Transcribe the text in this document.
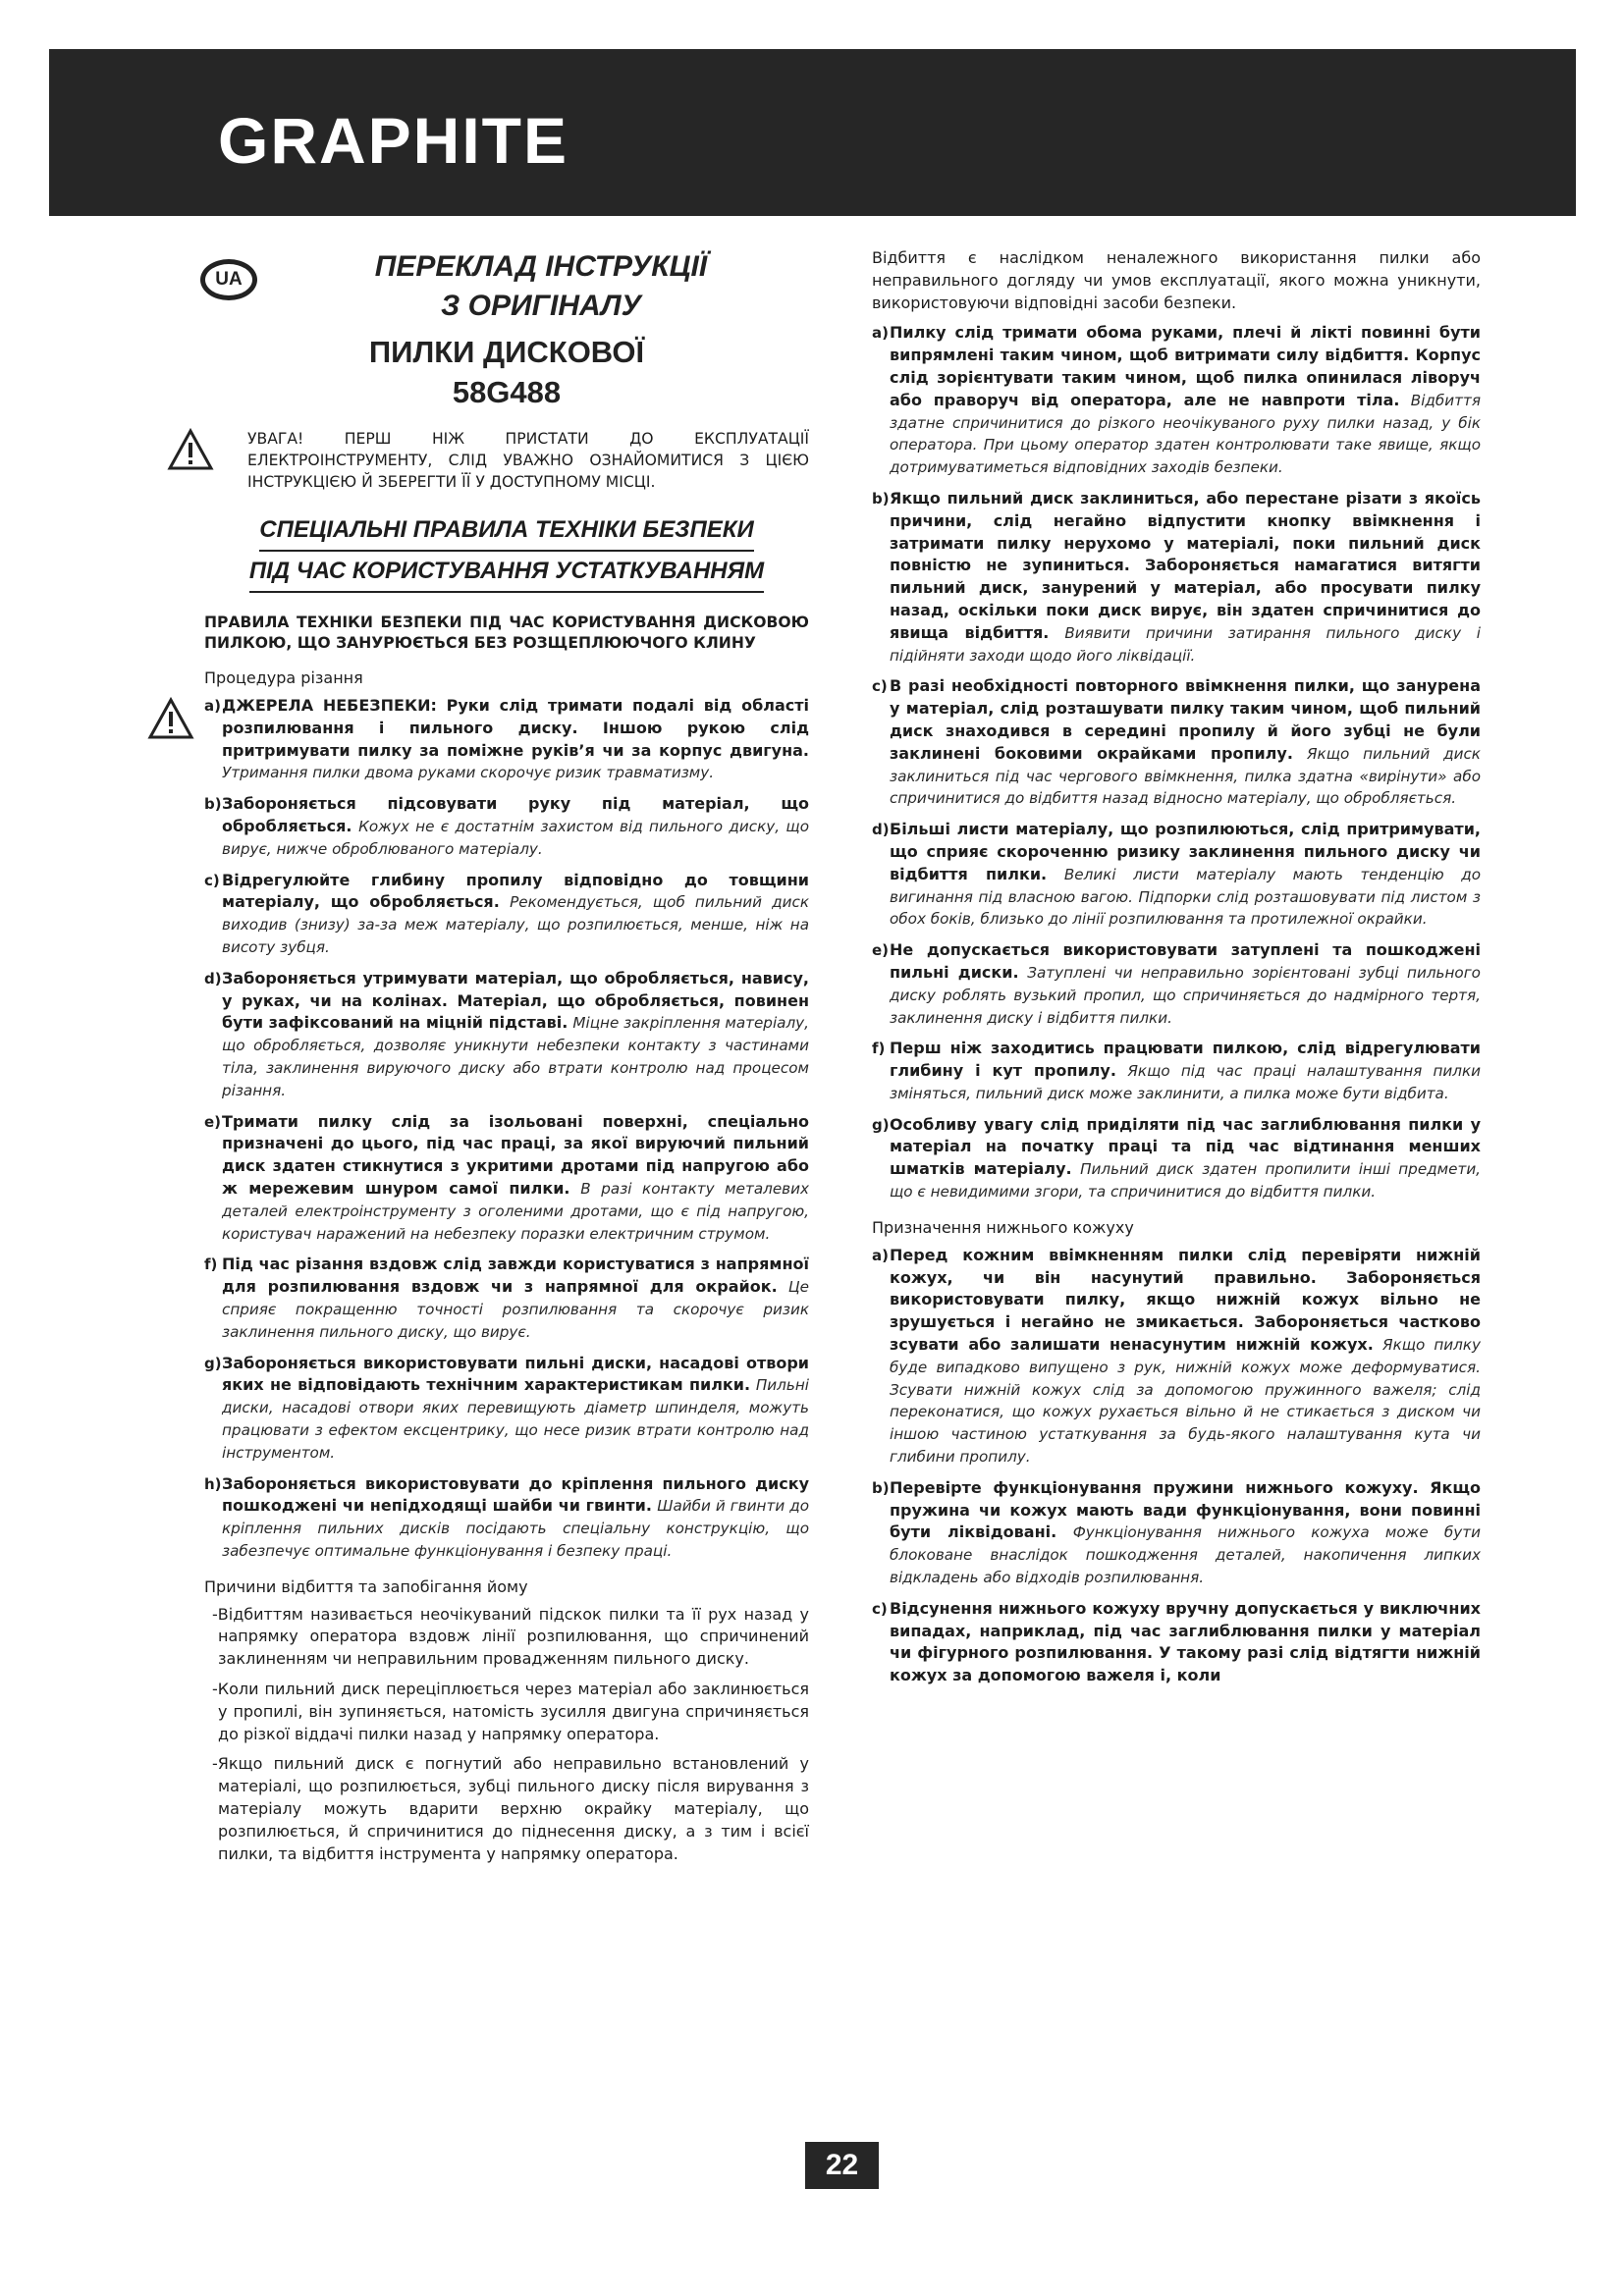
GRAPHITE
UA	ПЕРЕКЛАД ІНСТРУКЦІЇ
З ОРИГІНАЛУ
ПИЛКИ ДИСКОВОЇ
58G488
УВАГА! ПЕРШ НІЖ ПРИСТАТИ ДО ЕКСПЛУАТАЦІЇ ЕЛЕКТРОІНСТРУМЕНТУ, СЛІД УВАЖНО ОЗНАЙОМИТИСЯ З ЦІЄЮ ІНСТРУКЦІЄЮ Й ЗБЕРЕГТИ ЇЇ У ДОСТУПНОМУ МІСЦІ.
СПЕЦІАЛЬНІ ПРАВИЛА ТЕХНІКИ БЕЗПЕКИ
ПІД ЧАС КОРИСТУВАННЯ УСТАТКУВАННЯМ
ПРАВИЛА ТЕХНІКИ БЕЗПЕКИ ПІД ЧАС КОРИСТУВАННЯ ДИСКОВОЮ ПИЛКОЮ, ЩО ЗАНУРЮЄТЬСЯ БЕЗ РОЗЩЕПЛЮЮЧОГО КЛИНУ
Процедура різання
a) ДЖЕРЕЛА НЕБЕЗПЕКИ: Руки слід тримати подалі від області розпилювання і пильного диску. Іншою рукою слід притримувати пилку за поміжне руків’я чи за корпус двигуна. Утримання пилки двома руками скорочує ризик травматизму.
b) Забороняється підсовувати руку під матеріал, що обробляється. Кожух не є достатнім захистом від пильного диску, що вирує, нижче оброблюваного матеріалу.
c) Відрегулюйте глибину пропилу відповідно до товщини матеріалу, що обробляється. Рекомендується, щоб пильний диск виходив (знизу) за-за меж матеріалу, що розпилюється, менше, ніж на висоту зубця.
d) Забороняється утримувати матеріал, що обробляється, навису, у руках, чи на колінах. Матеріал, що обробляється, повинен бути зафіксований на міцній підставі. Міцне закріплення матеріалу, що обробляється, дозволяє уникнути небезпеки контакту з частинами тіла, заклинення вируючого диску або втрати контролю над процесом різання.
e) Тримати пилку слід за ізольовані поверхні, спеціально призначені до цього, під час праці, за якої вируючий пильний диск здатен стикнутися з укритими дротами під напругою або ж мережевим шнуром самої пилки. В разі контакту металевих деталей електроінструменту з оголеними дротами, що є під напругою, користувач наражений на небезпеку поразки електричним струмом.
f) Під час різання вздовж слід завжди користуватися з напрямної для розпилювання вздовж чи з напрямної для окрайок. Це сприяє покращенню точності розпилювання та скорочує ризик заклинення пильного диску, що вирує.
g) Забороняється використовувати пильні диски, насадові отвори яких не відповідають технічним характеристикам пилки. Пильні диски, насадові отвори яких перевищують діаметр шпинделя, можуть працювати з ефектом ексцентрику, що несе ризик втрати контролю над інструментом.
h) Забороняється використовувати до кріплення пильного диску пошкоджені чи непідходящі шайби чи гвинти. Шайби й гвинти до кріплення пильних дисків посідають спеціальну конструкцію, що забезпечує оптимальне функціонування і безпеку праці.
Причини відбиття та запобігання йому
-Відбиттям називається неочікуваний підскок пилки та її рух назад у напрямку оператора вздовж лінії розпилювання, що спричинений заклиненням чи неправильним провадженням пильного диску.
-Коли пильний диск переціплюється через матеріал або заклинюється у пропилі, він зупиняється, натомість зусилля двигуна спричиняється до різкої віддачі пилки назад у напрямку оператора.
-Якщо пильний диск є погнутий або неправильно встановлений у матеріалі, що розпилюється, зубці пильного диску після вирування з матеріалу можуть вдарити верхню окрайку матеріалу, що розпилюється, й спричинитися до піднесення диску, а з тим і всієї пилки, та відбиття інструмента у напрямку оператора.
Відбиття є наслідком неналежного використання пилки або неправильного догляду чи умов експлуатації, якого можна уникнути, використовуючи відповідні засоби безпеки.
a) Пилку слід тримати обома руками, плечі й лікті повинні бути випрямлені таким чином, щоб витримати силу відбиття. Корпус слід зорієнтувати таким чином, щоб пилка опинилася ліворуч або праворуч від оператора, але не навпроти тіла. Відбиття здатне спричинитися до різкого неочікуваного руху пилки назад, у бік оператора. При цьому оператор здатен контролювати таке явище, якщо дотримуватиметься відповідних заходів безпеки.
b) Якщо пильний диск заклиниться, або перестане різати з якоїсь причини, слід негайно відпустити кнопку ввімкнення і затримати пилку нерухомо у матеріалі, поки пильний диск повністю не зупиниться. Забороняється намагатися витягти пильний диск, занурений у матеріал, або просувати пилку назад, оскільки поки диск вирує, він здатен спричинитися до явища відбиття. Виявити причини затирання пильного диску і підійняти заходи щодо його ліквідації.
c) В разі необхідності повторного ввімкнення пилки, що занурена у матеріал, слід розташувати пилку таким чином, щоб пильний диск знаходився в середині пропилу й його зубці не були заклинені боковими окрайками пропилу. Якщо пильний диск заклиниться під час чергового ввімкнення, пилка здатна «вирінути» або спричинитися до відбиття назад відносно матеріалу, що обробляється.
d) Більші листи матеріалу, що розпилюються, слід притримувати, що сприяє скороченню ризику заклинення пильного диску чи відбиття пилки. Великі листи матеріалу мають тенденцію до вигинання під власною вагою. Підпорки слід розташовувати під листом з обох боків, близько до лінії розпилювання та протилежної окрайки.
e) Не допускається використовувати затуплені та пошкоджені пильні диски. Затуплені чи неправильно зорієнтовані зубці пильного диску роблять вузький пропил, що спричиняється до надмірного тертя, заклинення диску і відбиття пилки.
f) Перш ніж заходитись працювати пилкою, слід відрегулювати глибину і кут пропилу. Якщо під час праці налаштування пилки зміняться, пильний диск може заклинити, а пилка може бути відбита.
g) Особливу увагу слід приділяти під час заглиблювання пилки у матеріал на початку праці та під час відтинання менших шматків матеріалу. Пильний диск здатен пропилити інші предмети, що є невидимими згори, та спричинитися до відбиття пилки.
Призначення нижнього кожуху
a) Перед кожним ввімкненням пилки слід перевіряти нижній кожух, чи він насунутий правильно. Забороняється використовувати пилку, якщо нижній кожух вільно не зрушується і негайно не змикається. Забороняється частково зсувати або залишати ненасунутим нижній кожух. Якщо пилку буде випадково випущено з рук, нижній кожух може деформуватися. Зсувати нижній кожух слід за допомогою пружинного важеля; слід переконатися, що кожух рухається вільно й не стикається з диском чи іншою частиною устаткування за будь-якого налаштування кута чи глибини пропилу.
b) Перевірте функціонування пружини нижнього кожуху. Якщо пружина чи кожух мають вади функціонування, вони повинні бути ліквідовані. Функціонування нижнього кожуха може бути блоковане внаслідок пошкодження деталей, накопичення липких відкладень або відходів розпилювання.
c) Відсунення нижнього кожуху вручну допускається у виключних випадах, наприклад, під час заглиблювання пилки у матеріал чи фігурного розпилювання. У такому разі слід відтягти нижній кожух за допомогою важеля і, коли
22
